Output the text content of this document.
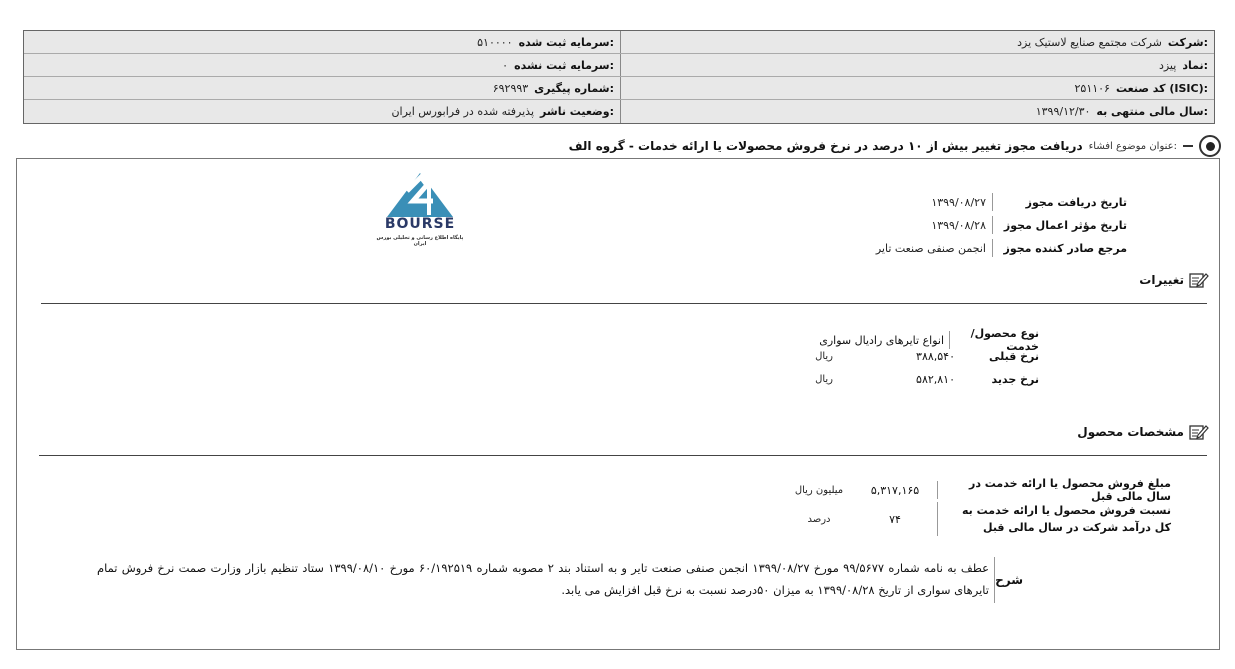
شرکت:
شرکت مجتمع صنایع لاستیک یزد
سرمایه ثبت شده:
۵۱۰۰۰۰
نماد:
پیزد
سرمایه ثبت نشده:
۰
کد صنعت (ISIC):
۲۵۱۱۰۶
شماره پیگیری:
۶۹۲۹۹۳
سال مالی منتهی به:
۱۳۹۹/۱۲/۳۰
وضعیت ناشر:
پذیرفته شده در فرابورس ایران
عنوان موضوع افشاء:
دریافت مجوز تغییر بیش از ۱۰ درصد در نرخ فروش محصولات یا ارائه خدمات - گروه الف
BOURSE
پایگاه اطلاع رسانی و تحلیلی بورس ایران
تاریخ دریافت مجوز
۱۳۹۹/۰۸/۲۷
تاریخ مؤثر اعمال مجوز
۱۳۹۹/۰۸/۲۸
مرجع صادر کننده مجوز
انجمن صنفی صنعت تایر
تغییرات
نوع محصول/خدمت
انواع تایرهای رادیال سواری
نرخ قبلی
۳۸۸,۵۴۰
ریال
نرخ جدید
۵۸۲,۸۱۰
ریال
مشخصات محصول
مبلغ فروش محصول یا ارائه خدمت در سال مالی قبل
۵,۳۱۷,۱۶۵
میلیون ریال
نسبت فروش محصول یا ارائه خدمت به کل درآمد شرکت در سال مالی قبل
۷۴
درصد
شرح
عطف به نامه شماره ۹۹/۵۶۷۷ مورخ ۱۳۹۹/۰۸/۲۷ انجمن صنفی صنعت تایر و به استناد بند ۲ مصوبه شماره ۶۰/۱۹۲۵۱۹ مورخ ۱۳۹۹/۰۸/۱۰ ستاد تنظیم بازار وزارت صمت نرخ فروش تمام تایرهای سواری از تاریخ ۱۳۹۹/۰۸/۲۸ به میزان ۵۰درصد نسبت به نرخ قبل افزایش می یابد.
